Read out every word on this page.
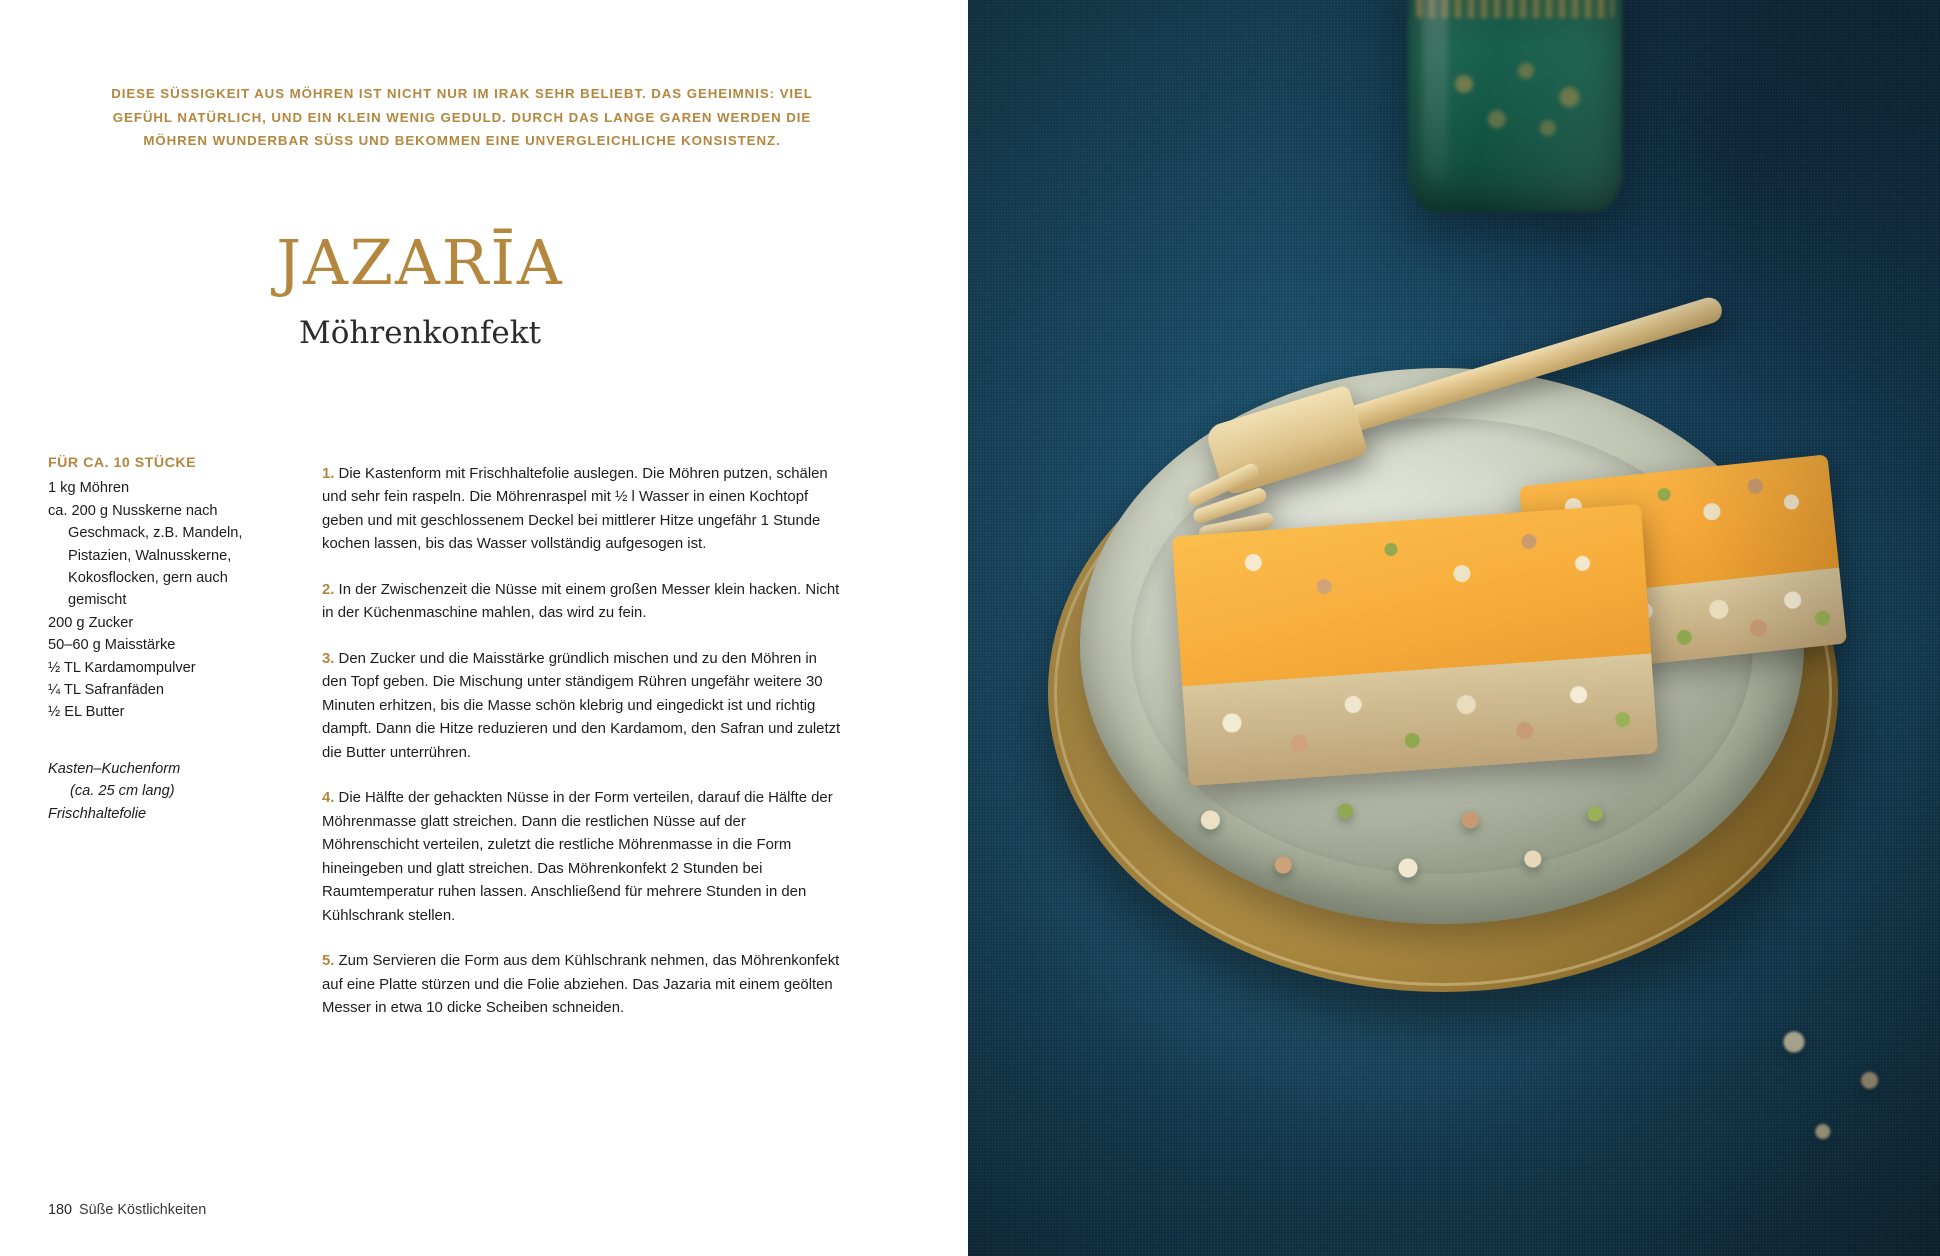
DIESE SÜSSIGKEIT AUS MÖHREN IST NICHT NUR IM IRAK SEHR BELIEBT. DAS GEHEIMNIS: VIEL GEFÜHL NATÜRLICH, UND EIN KLEIN WENIG GEDULD. DURCH DAS LANGE GAREN WERDEN DIE MÖHREN WUNDERBAR SÜSS UND BEKOMMEN EINE UNVERGLEICHLICHE KONSISTENZ.
JAZARĪA
Möhrenkonfekt
FÜR CA. 10 STÜCKE
1 kg Möhren
ca. 200 g Nusskerne nach
Geschmack, z.B. Mandeln,
Pistazien, Walnusskerne,
Kokosflocken, gern auch
gemischt
200 g Zucker
50–60 g Maisstärke
½ TL Kardamompulver
¼ TL Safranfäden
½ EL Butter
Kasten–Kuchenform
(ca. 25 cm lang)
Frischhaltefolie

1. Die Kastenform mit Frischhaltefolie auslegen. Die Möhren putzen, schälen und sehr fein raspeln. Die Möhrenraspel mit ½ l Wasser in einen Kochtopf geben und mit geschlossenem Deckel bei mittlerer Hitze ungefähr 1 Stunde kochen lassen, bis das Wasser vollständig aufgesogen ist.

2. In der Zwischenzeit die Nüsse mit einem großen Messer klein hacken. Nicht in der Küchenmaschine mahlen, das wird zu fein.

3. Den Zucker und die Maisstärke gründlich mischen und zu den Möhren in den Topf geben. Die Mischung unter ständigem Rühren ungefähr weitere 30 Minuten erhitzen, bis die Masse schön klebrig und eingedickt ist und richtig dampft. Dann die Hitze reduzieren und den Kardamom, den Safran und zuletzt die Butter unterrühren.

4. Die Hälfte der gehackten Nüsse in der Form verteilen, darauf die Hälfte der Möhrenmasse glatt streichen. Dann die restlichen Nüsse auf der Möhrenschicht verteilen, zuletzt die restliche Möhrenmasse in die Form hineingeben und glatt streichen. Das Möhrenkonfekt 2 Stunden bei Raumtemperatur ruhen lassen. Anschließend für mehrere Stunden in den Kühlschrank stellen.

5. Zum Servieren die Form aus dem Kühlschrank nehmen, das Möhrenkonfekt auf eine Platte stürzen und die Folie abziehen. Das Jazaria mit einem geölten Messer in etwa 10 dicke Scheiben schneiden.

180 Süße Köstlichkeiten
